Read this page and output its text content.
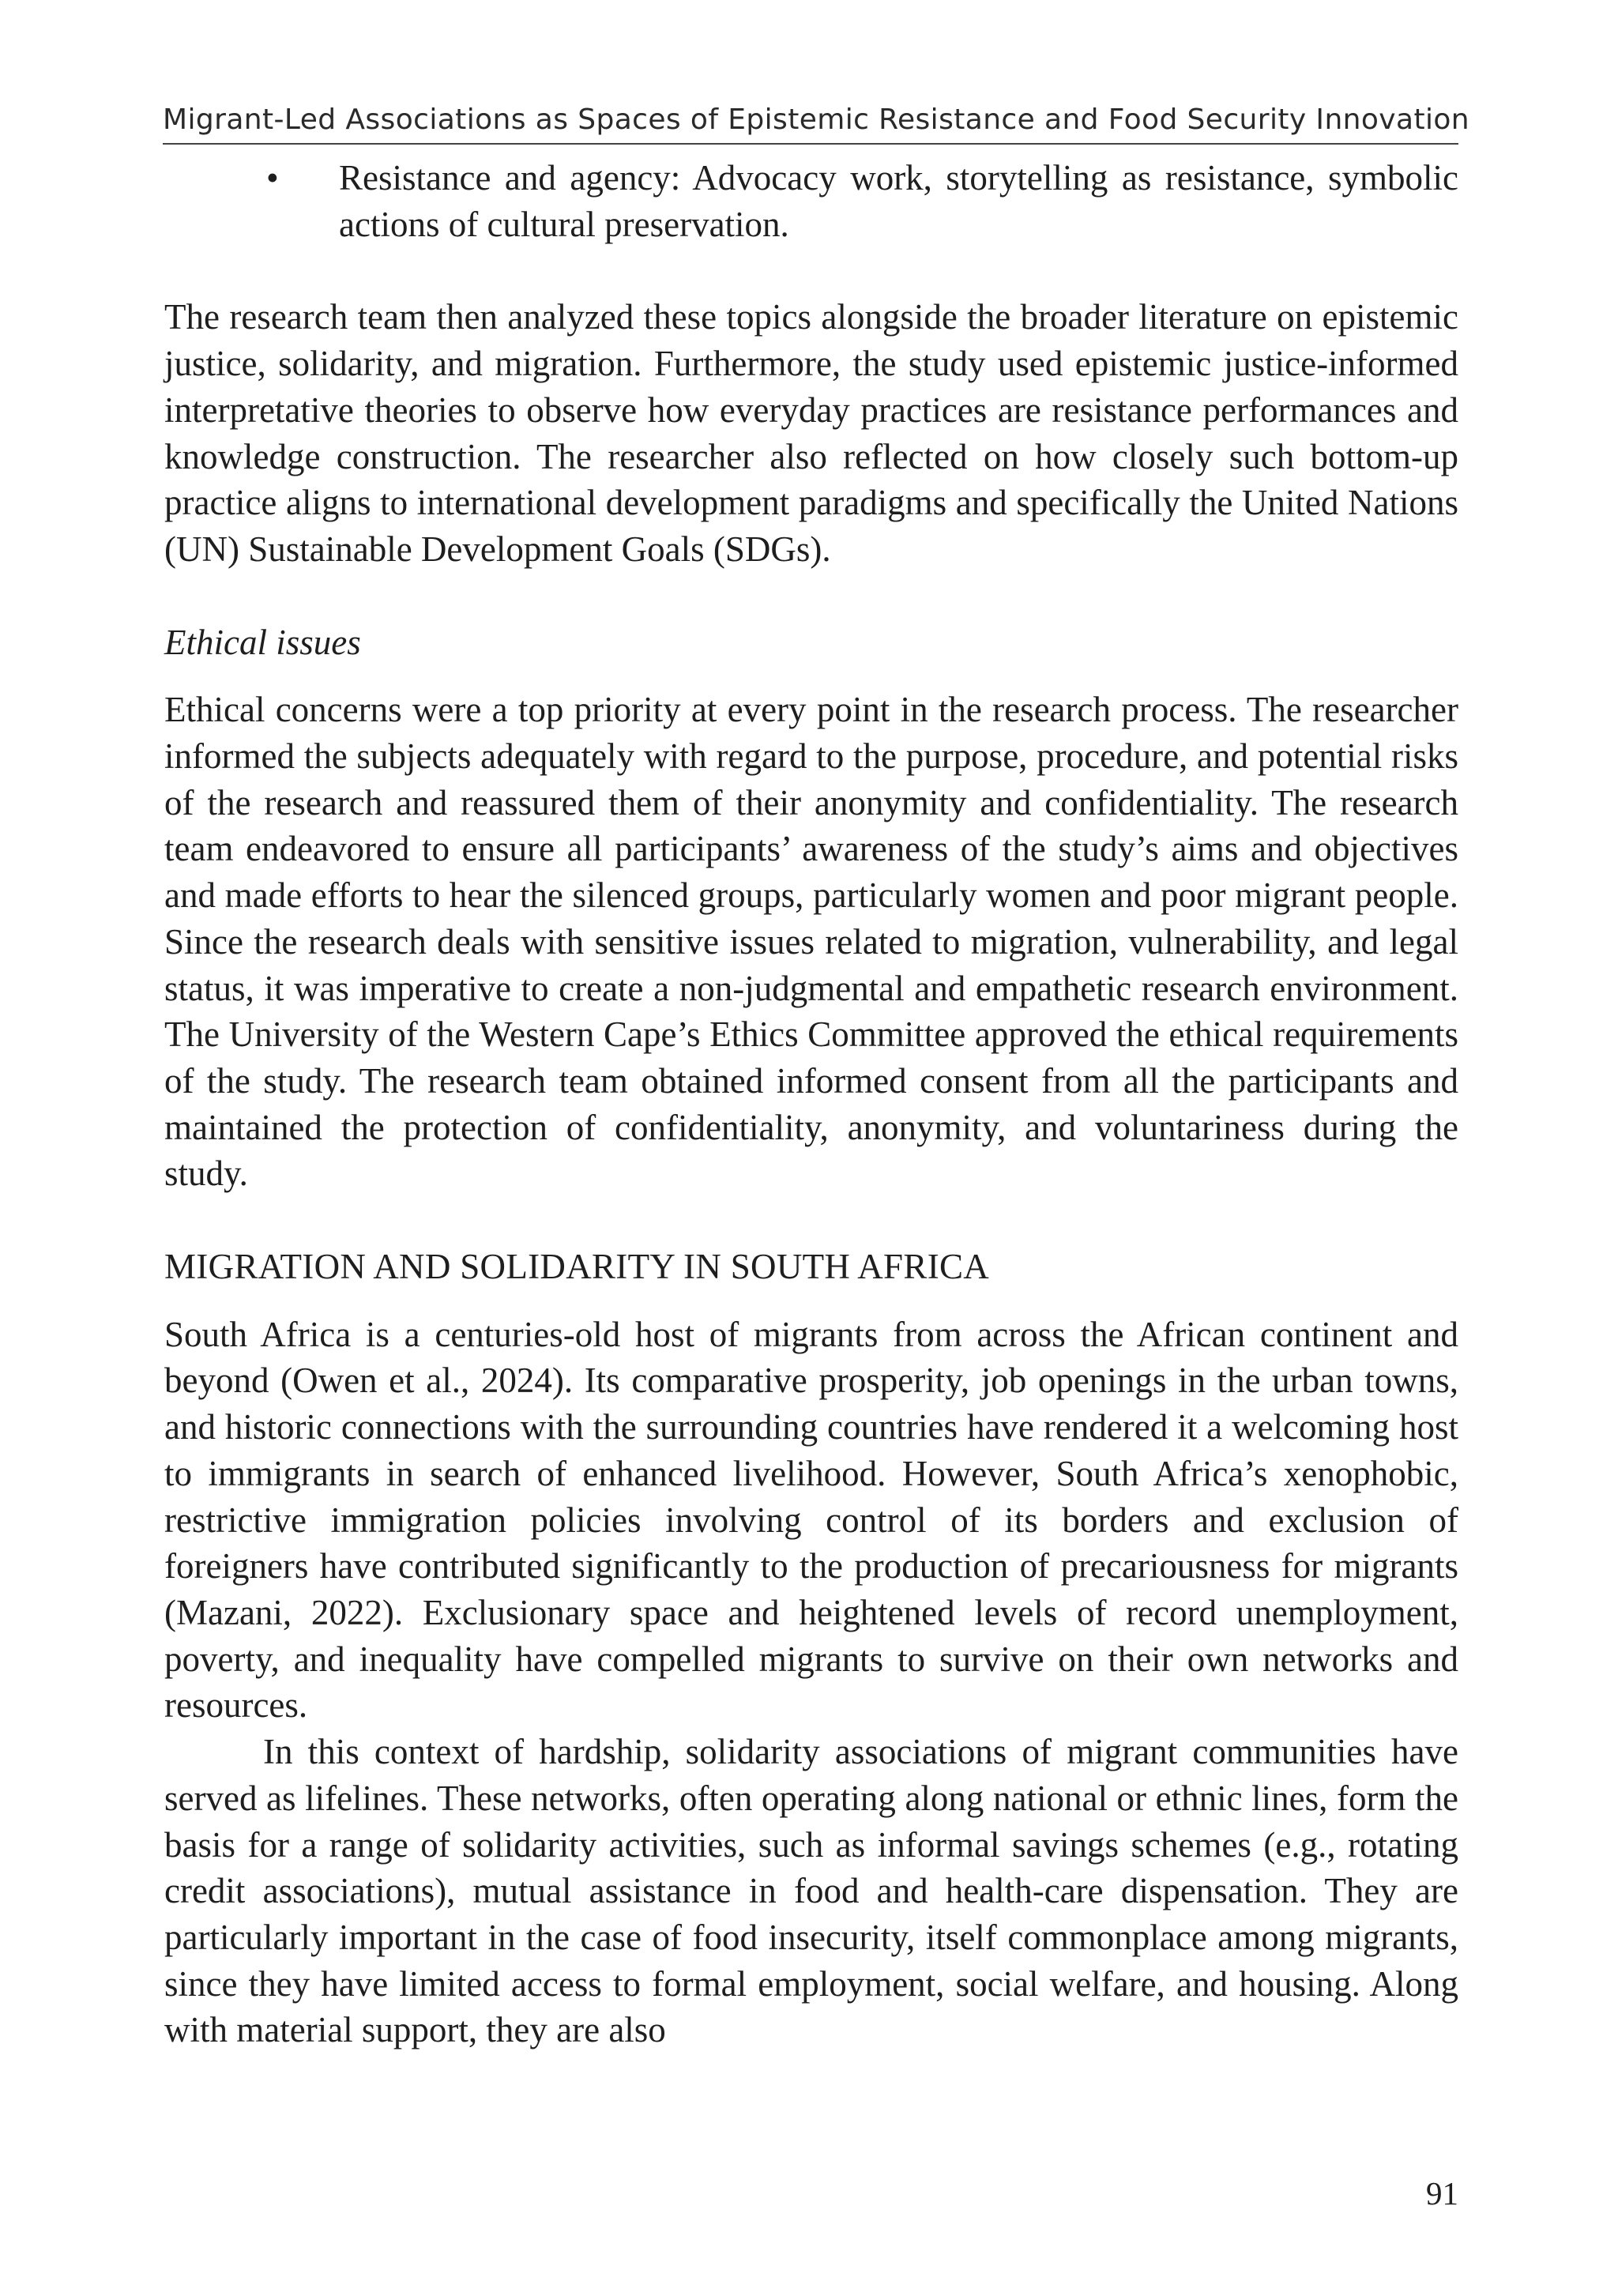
Migrant-Led Associations as Spaces of Epistemic Resistance and Food Security Innovation
• Resistance and agency: Advocacy work, storytelling as resistance, symbolic actions of cultural preservation.

The research team then analyzed these topics alongside the broader literature on epistemic justice, solidarity, and migration. Furthermore, the study used epistemic justice-informed interpretative theories to observe how everyday practices are resistance performances and knowledge construction. The researcher also reflected on how closely such bottom-up practice aligns to international development paradigms and specifically the United Nations (UN) Sustainable Development Goals (SDGs).

Ethical issues

Ethical concerns were a top priority at every point in the research process. The researcher informed the subjects adequately with regard to the purpose, procedure, and potential risks of the research and reassured them of their anonymity and confidentiality. The research team endeavored to ensure all participants’ awareness of the study’s aims and objectives and made efforts to hear the silenced groups, particularly women and poor migrant people. Since the research deals with sensitive issues related to migration, vulnerability, and legal status, it was imperative to create a non-judgmental and empathetic research environment. The University of the Western Cape’s Ethics Committee approved the ethical requirements of the study. The research team obtained informed consent from all the participants and maintained the protection of confidentiality, anonymity, and voluntariness during the study.

MIGRATION AND SOLIDARITY IN SOUTH AFRICA

South Africa is a centuries-old host of migrants from across the African continent and beyond (Owen et al., 2024). Its comparative prosperity, job openings in the urban towns, and historic connections with the surrounding countries have rendered it a welcoming host to immigrants in search of enhanced livelihood. However, South Africa’s xenophobic, restrictive immigration policies involving control of its borders and exclusion of foreigners have contributed significantly to the production of precariousness for migrants (Mazani, 2022). Exclusionary space and heightened levels of record unemployment, poverty, and inequality have compelled migrants to survive on their own networks and resources.

In this context of hardship, solidarity associations of migrant communities have served as lifelines. These networks, often operating along national or ethnic lines, form the basis for a range of solidarity activities, such as informal savings schemes (e.g., rotating credit associations), mutual assistance in food and health-care dispensation. They are particularly important in the case of food insecurity, itself commonplace among migrants, since they have limited access to formal employment, social welfare, and housing. Along with material support, they are also

91
